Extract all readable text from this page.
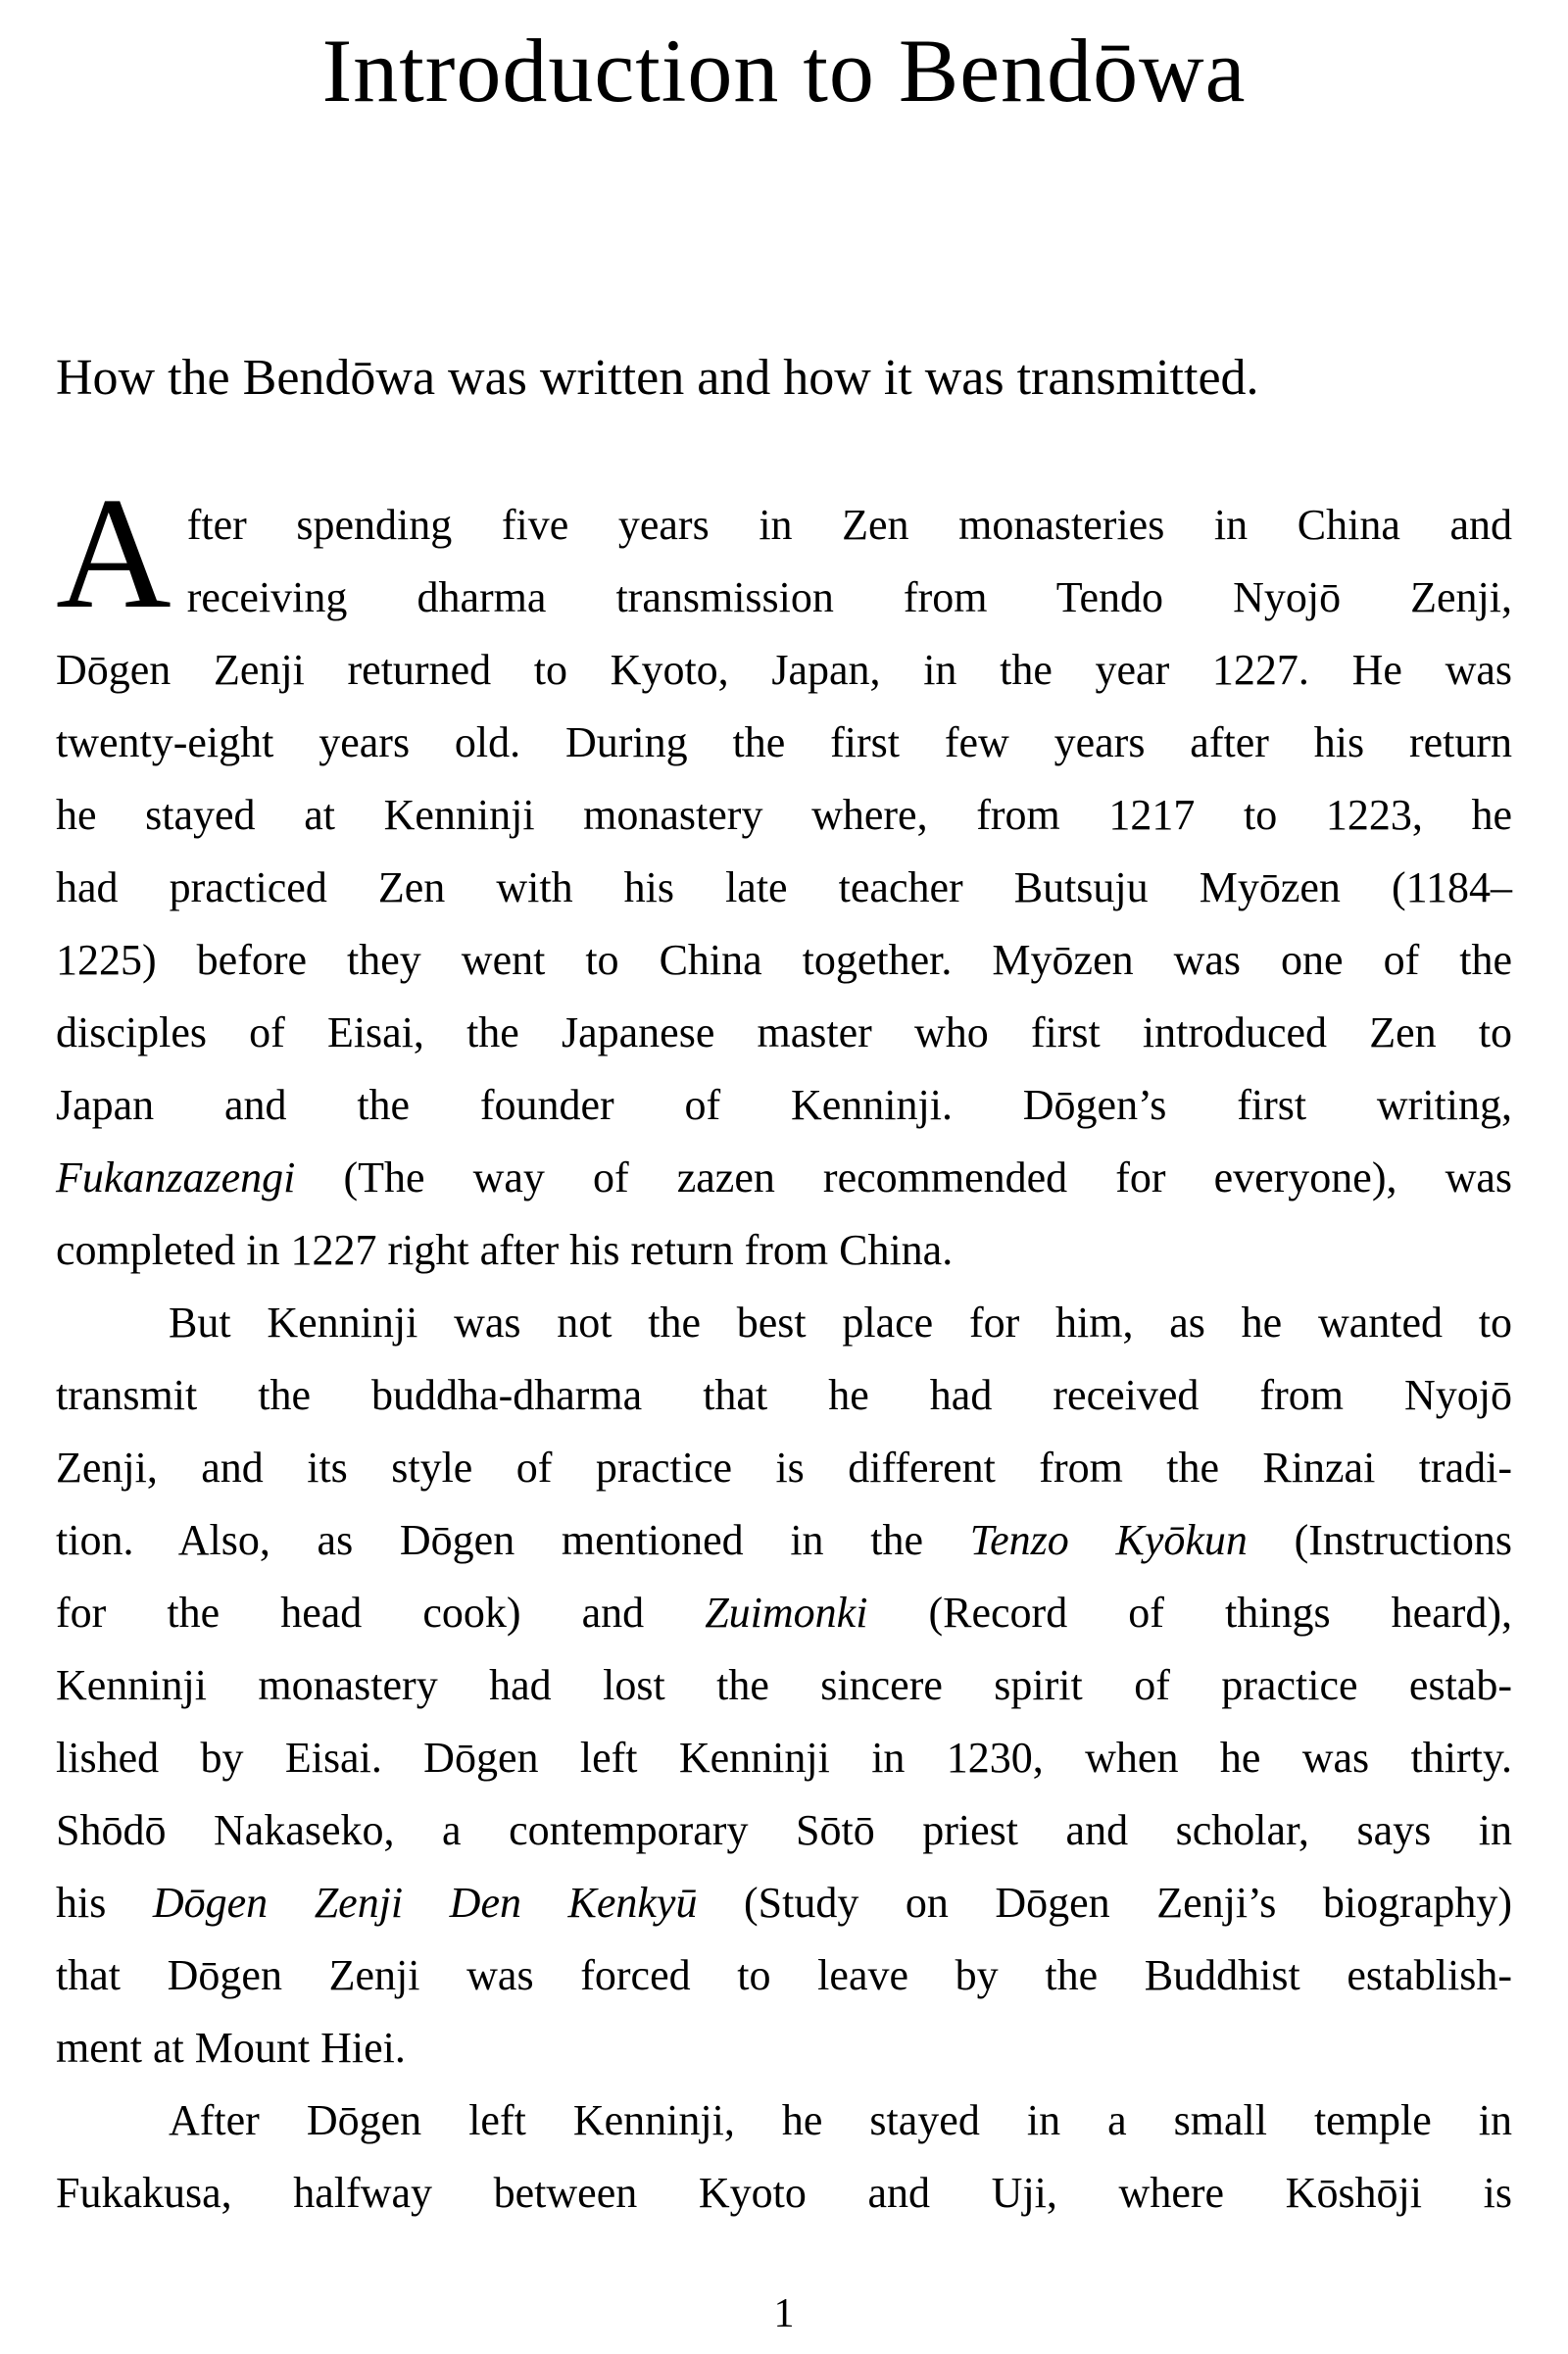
Introduction to Bendōwa

How the Bendōwa was written and how it was transmitted.

A fter spending five years in Zen monasteries in China and
receiving dharma transmission from Tendo Nyojō Zenji,
Dōgen Zenji returned to Kyoto, Japan, in the year 1227. He was
twenty-eight years old. During the first few years after his return
he stayed at Kenninji monastery where, from 1217 to 1223, he
had practiced Zen with his late teacher Butsuju Myōzen (1184–
1225) before they went to China together. Myōzen was one of the
disciples of Eisai, the Japanese master who first introduced Zen to
Japan and the founder of Kenninji. Dōgen’s first writing,
Fukanzazengi (The way of zazen recommended for everyone), was
completed in 1227 right after his return from China.
But Kenninji was not the best place for him, as he wanted to
transmit the buddha-dharma that he had received from Nyojō
Zenji, and its style of practice is different from the Rinzai tradi-
tion. Also, as Dōgen mentioned in the Tenzo Kyōkun (Instructions
for the head cook) and Zuimonki (Record of things heard),
Kenninji monastery had lost the sincere spirit of practice estab-
lished by Eisai. Dōgen left Kenninji in 1230, when he was thirty.
Shōdō Nakaseko, a contemporary Sōtō priest and scholar, says in
his Dōgen Zenji Den Kenkyū (Study on Dōgen Zenji’s biography)
that Dōgen Zenji was forced to leave by the Buddhist establish-
ment at Mount Hiei.
After Dōgen left Kenninji, he stayed in a small temple in
Fukakusa, halfway between Kyoto and Uji, where Kōshōji is
1
